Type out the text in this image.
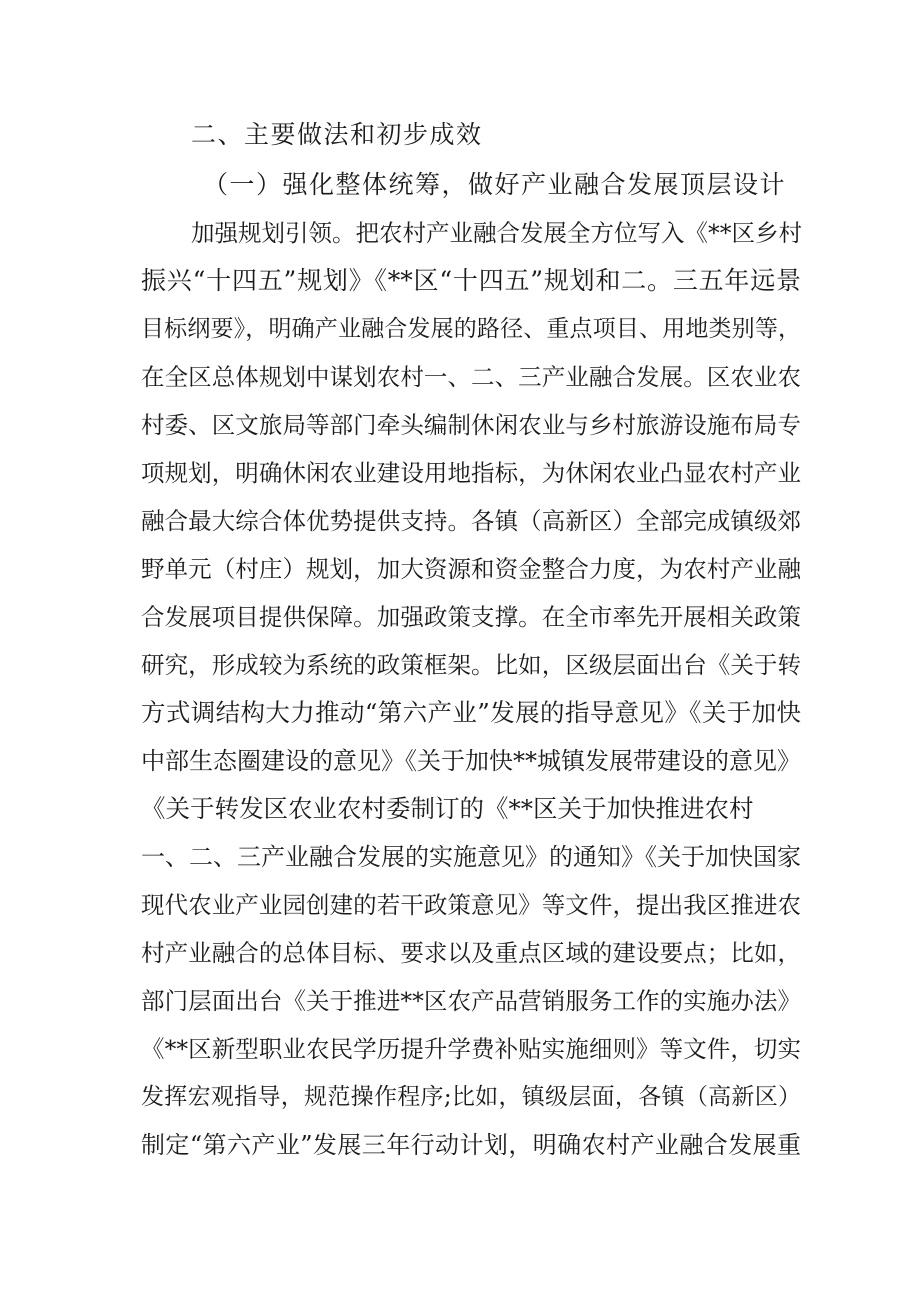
二、主要做法和初步成效
（一）强化整体统筹，做好产业融合发展顶层设计
加强规划引领。把农村产业融合发展全方位写入《**区乡村
振兴“十四五”规划》《**区“十四五”规划和二。三五年远景
目标纲要》，明确产业融合发展的路径、重点项目、用地类别等，
在全区总体规划中谋划农村一、二、三产业融合发展。区农业农
村委、区文旅局等部门牵头编制休闲农业与乡村旅游设施布局专
项规划，明确休闲农业建设用地指标，为休闲农业凸显农村产业
融合最大综合体优势提供支持。各镇（高新区）全部完成镇级郊
野单元（村庄）规划，加大资源和资金整合力度，为农村产业融
合发展项目提供保障。加强政策支撑。在全市率先开展相关政策
研究，形成较为系统的政策框架。比如，区级层面出台《关于转
方式调结构大力推动“第六产业”发展的指导意见》《关于加快
中部生态圈建设的意见》《关于加快**城镇发展带建设的意见》
《关于转发区农业农村委制订的《**区关于加快推进农村
一、二、三产业融合发展的实施意见》的通知》《关于加快国家
现代农业产业园创建的若干政策意见》等文件，提出我区推进农
村产业融合的总体目标、要求以及重点区域的建设要点；比如，
部门层面出台《关于推进**区农产品营销服务工作的实施办法》
《**区新型职业农民学历提升学费补贴实施细则》等文件，切实
发挥宏观指导，规范操作程序;比如，镇级层面，各镇（高新区）
制定“第六产业”发展三年行动计划，明确农村产业融合发展重
